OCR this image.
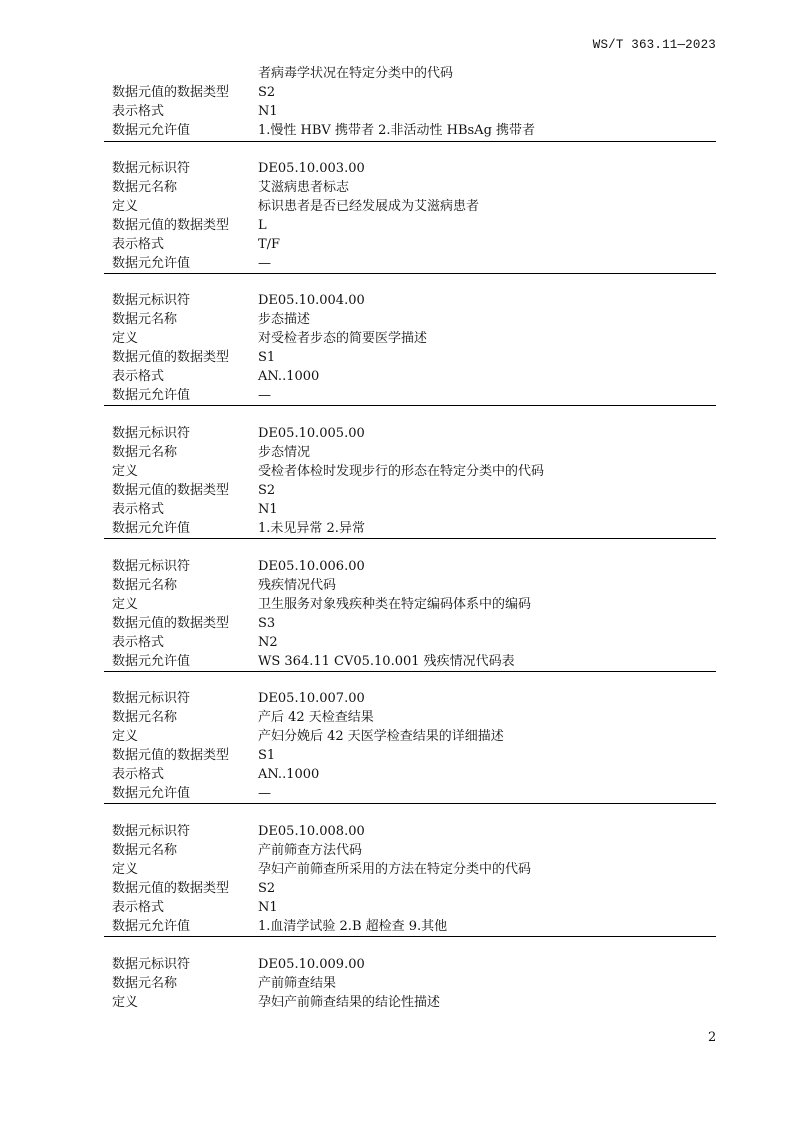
WS/T 363.11—2023
者病毒学状况在特定分类中的代码
数据元值的数据类型 S2
表示格式	N1
数据元允许值	1.慢性 HBV 携带者 2.非活动性 HBsAg 携带者
数据元标识符	DE05.10.003.00
数据元名称	艾滋病患者标志
定义	标识患者是否已经发展成为艾滋病患者
数据元值的数据类型 L
表示格式	T/F
数据元允许值	—
数据元标识符	DE05.10.004.00
数据元名称	步态描述
定义	对受检者步态的简要医学描述
数据元值的数据类型 S1
表示格式	AN..1000
数据元允许值	—
数据元标识符	DE05.10.005.00
数据元名称	步态情况
定义	受检者体检时发现步行的形态在特定分类中的代码
数据元值的数据类型 S2
表示格式	N1
数据元允许值	1.未见异常 2.异常
数据元标识符	DE05.10.006.00
数据元名称	残疾情况代码
定义	卫生服务对象残疾种类在特定编码体系中的编码
数据元值的数据类型 S3
表示格式	N2
数据元允许值	WS 364.11 CV05.10.001 残疾情况代码表
数据元标识符	DE05.10.007.00
数据元名称	产后 42 天检查结果
定义	产妇分娩后 42 天医学检查结果的详细描述
数据元值的数据类型 S1
表示格式	AN..1000
数据元允许值	—
数据元标识符	DE05.10.008.00
数据元名称	产前筛查方法代码
定义	孕妇产前筛查所采用的方法在特定分类中的代码
数据元值的数据类型 S2
表示格式	N1
数据元允许值	1.血清学试验 2.B 超检查 9.其他
数据元标识符	DE05.10.009.00
数据元名称	产前筛查结果
定义	孕妇产前筛查结果的结论性描述
2
